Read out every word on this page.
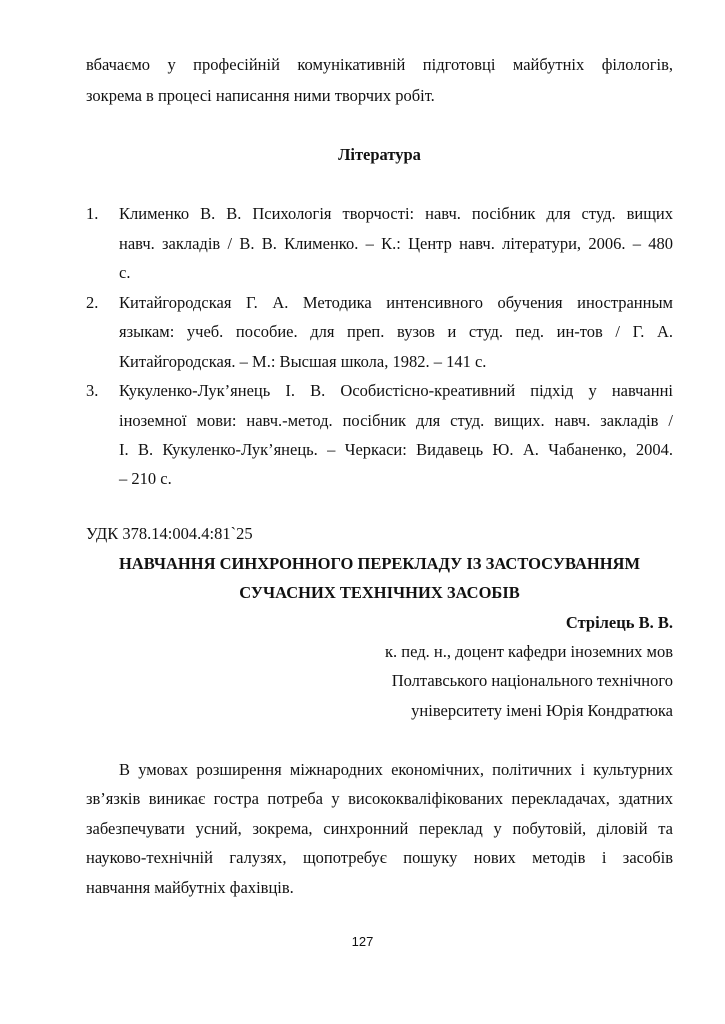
вбачаємо у професійній комунікативній підготовці майбутніх філологів,
зокрема в процесі написання ними творчих робіт.
Література
1. Клименко В. В. Психологія творчості: навч. посібник для студ. вищих
навч. закладів / В. В. Клименко. – К.: Центр навч. літератури, 2006. – 480
с.
2. Китайгородская Г. А. Методика интенсивного обучения иностранным
языкам: учеб. пособие. для преп. вузов и студ. пед. ин-тов / Г. А.
Китайгородская. – М.: Высшая школа, 1982. – 141 с.
3. Кукуленко-Лук’янець І. В. Особистісно-креативний підхід у навчанні
іноземної мови: навч.-метод. посібник для студ. вищих. навч. закладів /
І. В. Кукуленко-Лук’янець. – Черкаси: Видавець Ю. А. Чабаненко, 2004.
– 210 с.
УДК 378.14:004.4:81`25
НАВЧАННЯ СИНХРОННОГО ПЕРЕКЛАДУ ІЗ ЗАСТОСУВАННЯМ
СУЧАСНИХ ТЕХНІЧНИХ ЗАСОБІВ
Стрілець В. В.
к. пед. н., доцент кафедри іноземних мов
Полтавського національного технічного
університету імені Юрія Кондратюка
В умовах розширення міжнародних економічних, політичних і культурних
зв’язків виникає гостра потреба у висококваліфікованих перекладачах, здатних
забезпечувати усний, зокрема, синхронний переклад у побутовій, діловій та
науково-технічній галузях, щопотребує пошуку нових методів і засобів
навчання майбутніх фахівців.
127
